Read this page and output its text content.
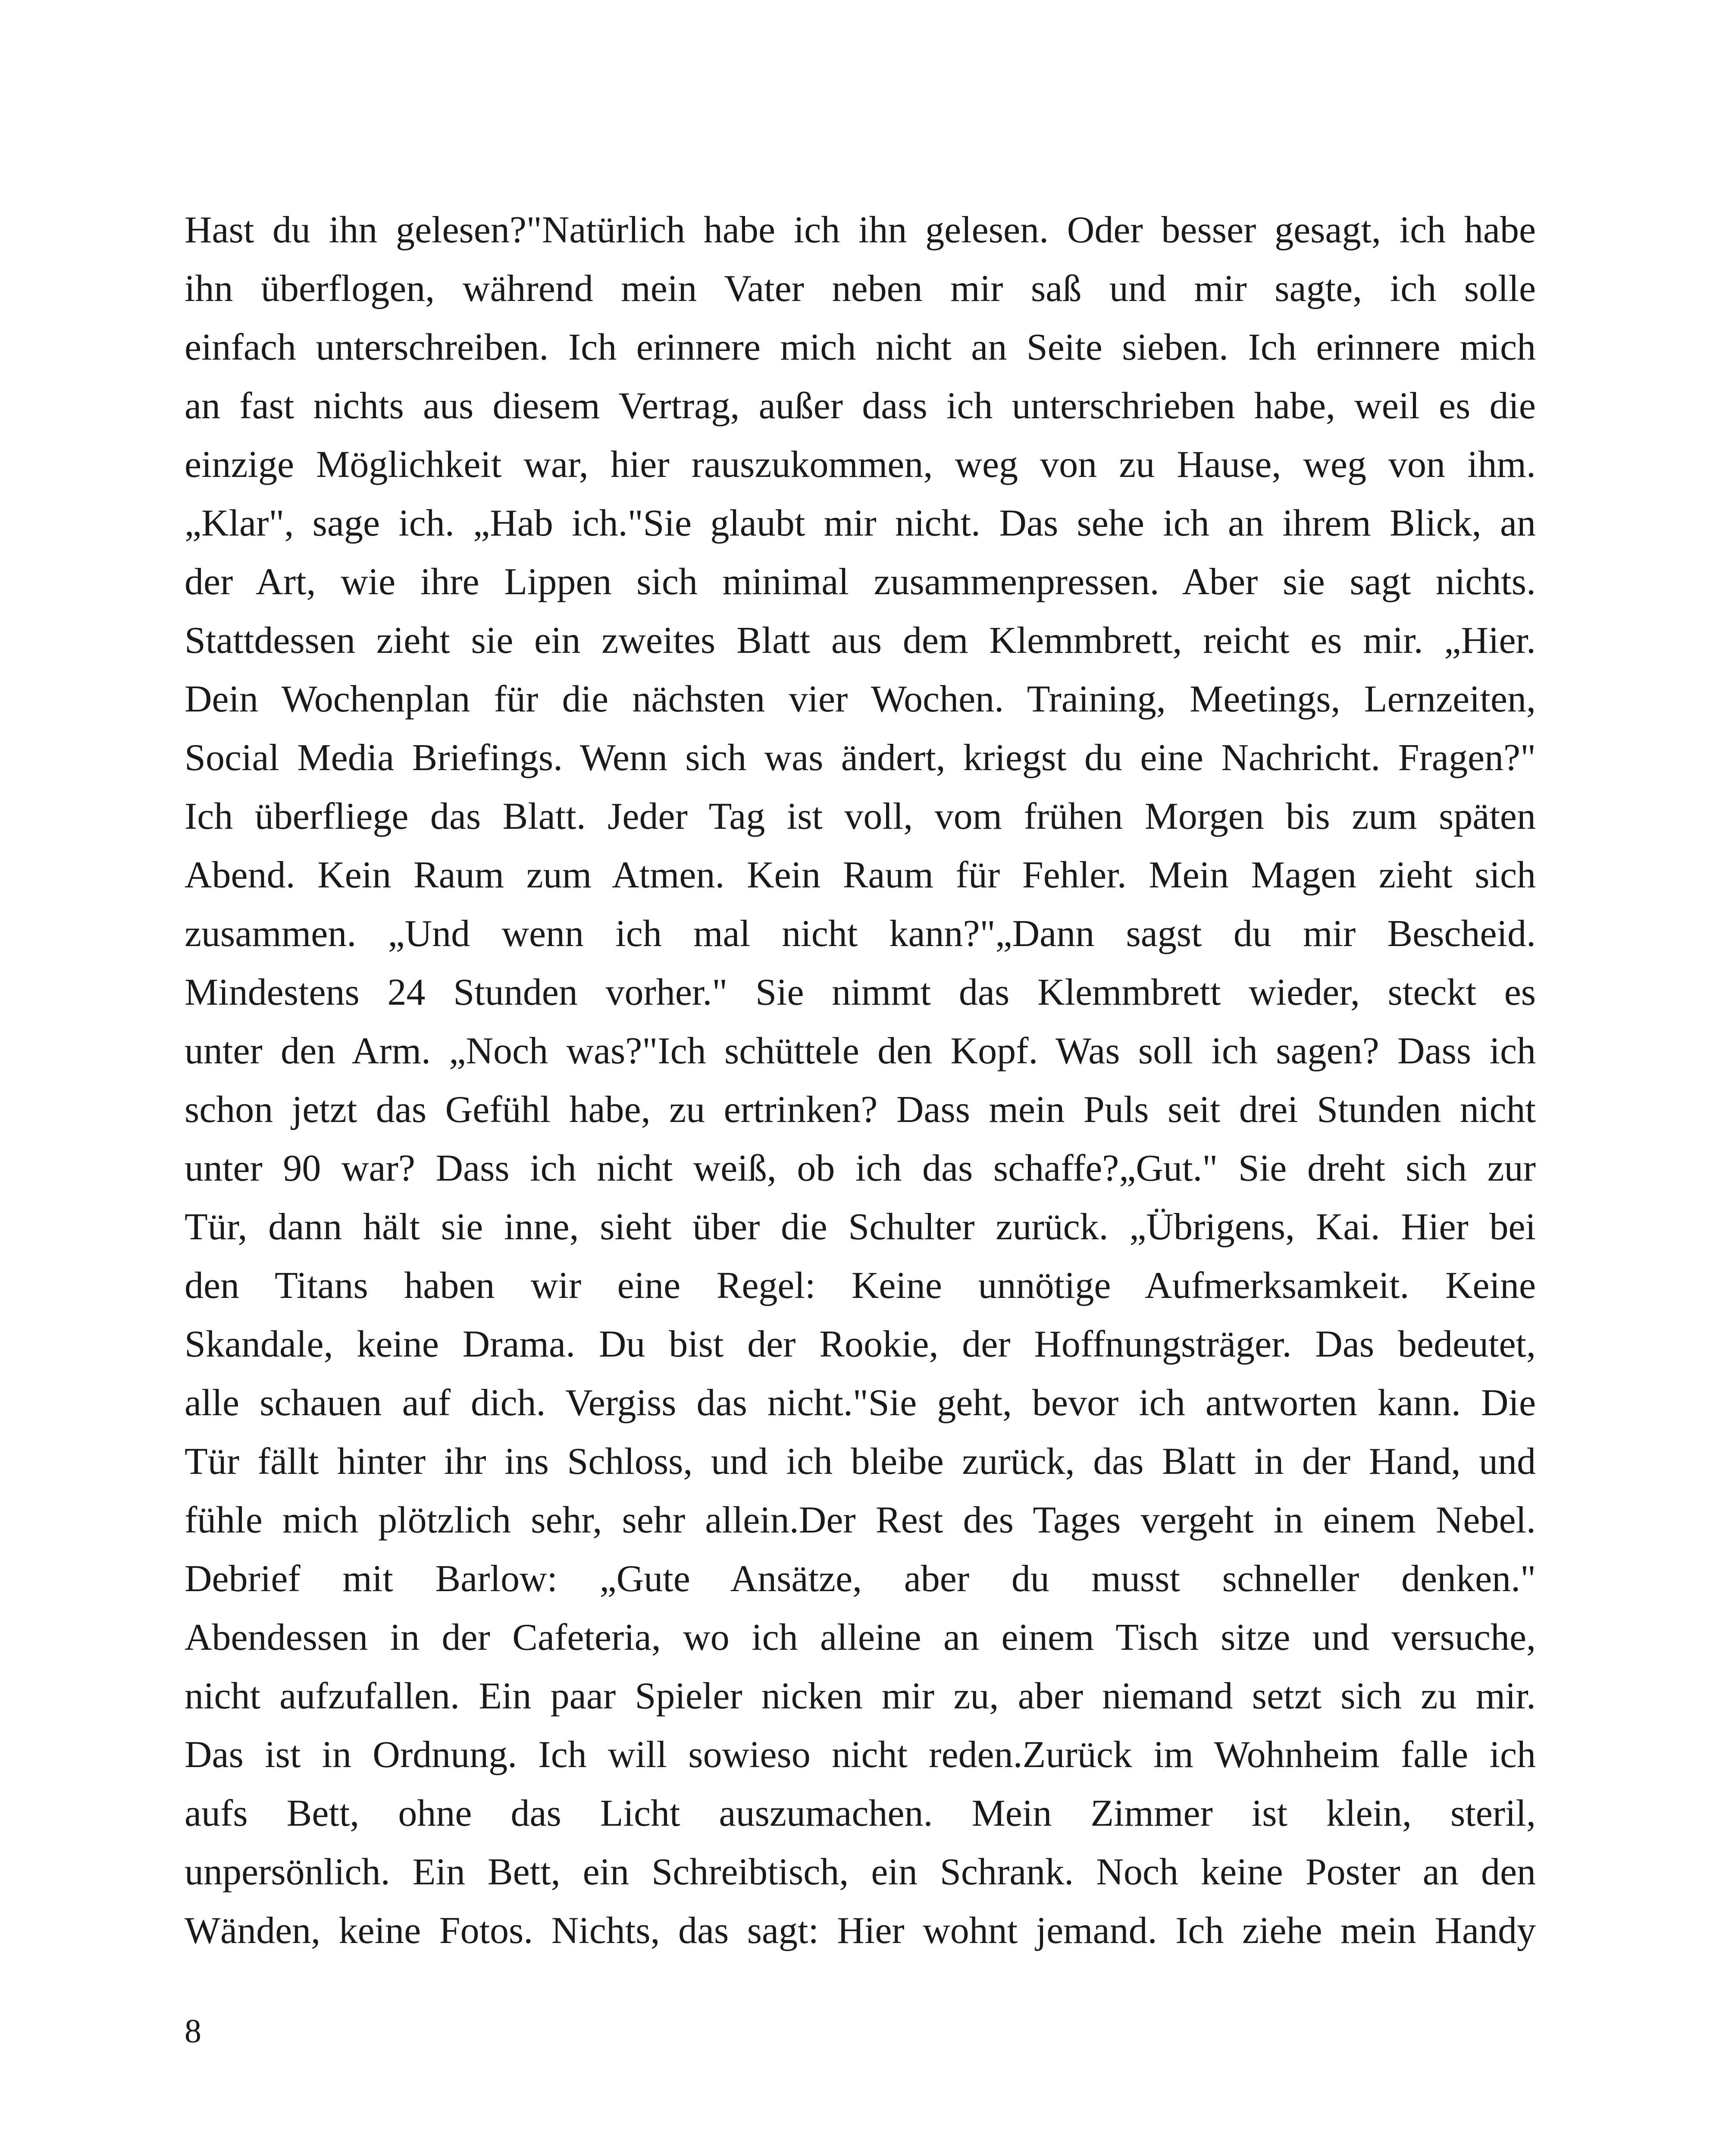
Hast du ihn gelesen?"Natürlich habe ich ihn gelesen. Oder besser gesagt, ich habe
ihn überflogen, während mein Vater neben mir saß und mir sagte, ich solle
einfach unterschreiben. Ich erinnere mich nicht an Seite sieben. Ich erinnere mich
an fast nichts aus diesem Vertrag, außer dass ich unterschrieben habe, weil es die
einzige Möglichkeit war, hier rauszukommen, weg von zu Hause, weg von ihm.
„Klar", sage ich. „Hab ich."Sie glaubt mir nicht. Das sehe ich an ihrem Blick, an
der Art, wie ihre Lippen sich minimal zusammenpressen. Aber sie sagt nichts.
Stattdessen zieht sie ein zweites Blatt aus dem Klemmbrett, reicht es mir. „Hier.
Dein Wochenplan für die nächsten vier Wochen. Training, Meetings, Lernzeiten,
Social Media Briefings. Wenn sich was ändert, kriegst du eine Nachricht. Fragen?"
Ich überfliege das Blatt. Jeder Tag ist voll, vom frühen Morgen bis zum späten
Abend. Kein Raum zum Atmen. Kein Raum für Fehler. Mein Magen zieht sich
zusammen. „Und wenn ich mal nicht kann?"„Dann sagst du mir Bescheid.
Mindestens 24 Stunden vorher." Sie nimmt das Klemmbrett wieder, steckt es
unter den Arm. „Noch was?"Ich schüttele den Kopf. Was soll ich sagen? Dass ich
schon jetzt das Gefühl habe, zu ertrinken? Dass mein Puls seit drei Stunden nicht
unter 90 war? Dass ich nicht weiß, ob ich das schaffe?„Gut." Sie dreht sich zur
Tür, dann hält sie inne, sieht über die Schulter zurück. „Übrigens, Kai. Hier bei
den Titans haben wir eine Regel: Keine unnötige Aufmerksamkeit. Keine
Skandale, keine Drama. Du bist der Rookie, der Hoffnungsträger. Das bedeutet,
alle schauen auf dich. Vergiss das nicht."Sie geht, bevor ich antworten kann. Die
Tür fällt hinter ihr ins Schloss, und ich bleibe zurück, das Blatt in der Hand, und
fühle mich plötzlich sehr, sehr allein.Der Rest des Tages vergeht in einem Nebel.
Debrief mit Barlow: „Gute Ansätze, aber du musst schneller denken."
Abendessen in der Cafeteria, wo ich alleine an einem Tisch sitze und versuche,
nicht aufzufallen. Ein paar Spieler nicken mir zu, aber niemand setzt sich zu mir.
Das ist in Ordnung. Ich will sowieso nicht reden.Zurück im Wohnheim falle ich
aufs Bett, ohne das Licht auszumachen. Mein Zimmer ist klein, steril,
unpersönlich. Ein Bett, ein Schreibtisch, ein Schrank. Noch keine Poster an den
Wänden, keine Fotos. Nichts, das sagt: Hier wohnt jemand. Ich ziehe mein Handy
8
